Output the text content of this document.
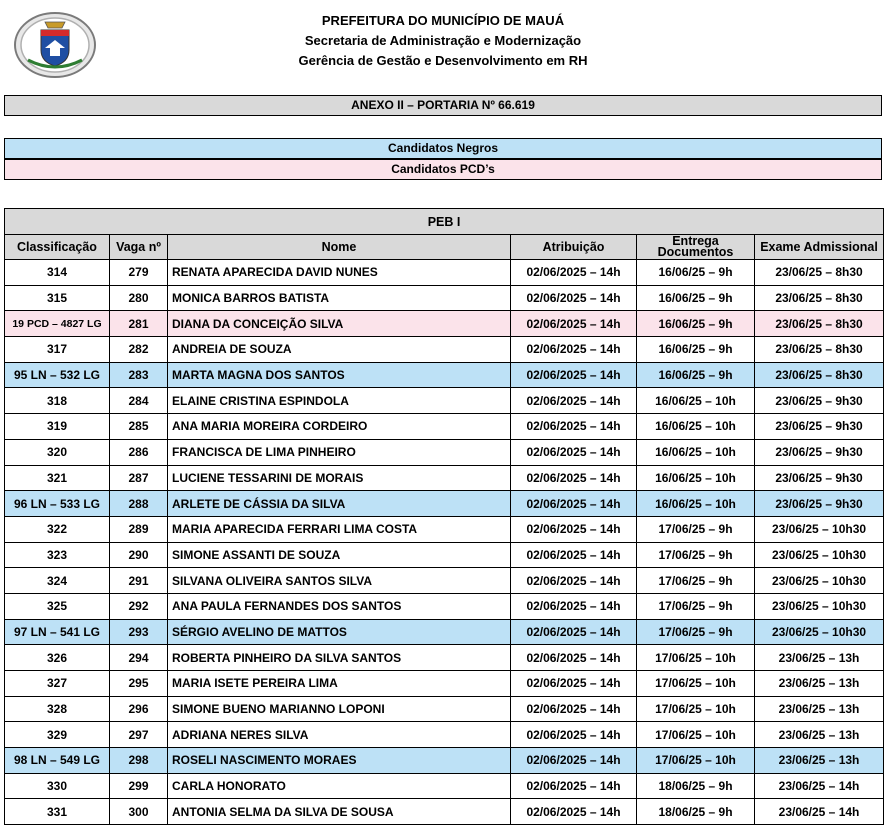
PREFEITURA DO MUNICÍPIO DE MAUÁ
Secretaria de Administração e Modernização
Gerência de Gestão e Desenvolvimento em RH
ANEXO II – PORTARIA Nº 66.619
Candidatos Negros
Candidatos PCD’s
PEB I					
Classificação	Vaga nº	Nome	Atribuição	Entrega Documentos	Exame Admissional
314	279	RENATA APARECIDA DAVID NUNES	02/06/2025 – 14h	16/06/25 – 9h	23/06/25 – 8h30
315	280	MONICA BARROS BATISTA	02/06/2025 – 14h	16/06/25 – 9h	23/06/25 – 8h30
19 PCD – 4827 LG	281	DIANA DA CONCEIÇÃO SILVA	02/06/2025 – 14h	16/06/25 – 9h	23/06/25 – 8h30
317	282	ANDREIA DE SOUZA	02/06/2025 – 14h	16/06/25 – 9h	23/06/25 – 8h30
95 LN – 532 LG	283	MARTA MAGNA DOS SANTOS	02/06/2025 – 14h	16/06/25 – 9h	23/06/25 – 8h30
318	284	ELAINE CRISTINA ESPINDOLA	02/06/2025 – 14h	16/06/25 – 10h	23/06/25 – 9h30
319	285	ANA MARIA MOREIRA CORDEIRO	02/06/2025 – 14h	16/06/25 – 10h	23/06/25 – 9h30
320	286	FRANCISCA DE LIMA PINHEIRO	02/06/2025 – 14h	16/06/25 – 10h	23/06/25 – 9h30
321	287	LUCIENE TESSARINI DE MORAIS	02/06/2025 – 14h	16/06/25 – 10h	23/06/25 – 9h30
96 LN – 533 LG	288	ARLETE DE CÁSSIA DA SILVA	02/06/2025 – 14h	16/06/25 – 10h	23/06/25 – 9h30
322	289	MARIA APARECIDA FERRARI LIMA COSTA	02/06/2025 – 14h	17/06/25 – 9h	23/06/25 – 10h30
323	290	SIMONE ASSANTI DE SOUZA	02/06/2025 – 14h	17/06/25 – 9h	23/06/25 – 10h30
324	291	SILVANA OLIVEIRA SANTOS SILVA	02/06/2025 – 14h	17/06/25 – 9h	23/06/25 – 10h30
325	292	ANA PAULA FERNANDES DOS SANTOS	02/06/2025 – 14h	17/06/25 – 9h	23/06/25 – 10h30
97 LN – 541 LG	293	SÉRGIO AVELINO DE MATTOS	02/06/2025 – 14h	17/06/25 – 9h	23/06/25 – 10h30
326	294	ROBERTA PINHEIRO DA SILVA SANTOS	02/06/2025 – 14h	17/06/25 – 10h	23/06/25 – 13h
327	295	MARIA ISETE PEREIRA LIMA	02/06/2025 – 14h	17/06/25 – 10h	23/06/25 – 13h
328	296	SIMONE BUENO MARIANNO LOPONI	02/06/2025 – 14h	17/06/25 – 10h	23/06/25 – 13h
329	297	ADRIANA NERES SILVA	02/06/2025 – 14h	17/06/25 – 10h	23/06/25 – 13h
98 LN – 549 LG	298	ROSELI NASCIMENTO MORAES	02/06/2025 – 14h	17/06/25 – 10h	23/06/25 – 13h
330	299	CARLA HONORATO	02/06/2025 – 14h	18/06/25 – 9h	23/06/25 – 14h
331	300	ANTONIA SELMA DA SILVA DE SOUSA	02/06/2025 – 14h	18/06/25 – 9h	23/06/25 – 14h
